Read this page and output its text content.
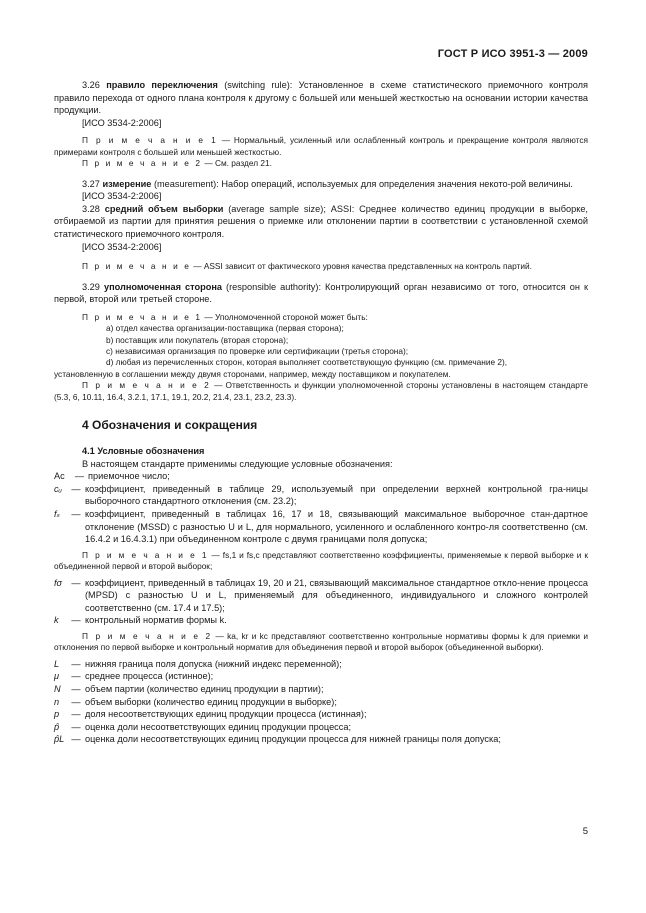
ГОСТ Р ИСО 3951-3 — 2009

3.26 правило переключения (switching rule): Установленное в схеме статистического приемочного контроля правило перехода от одного плана контроля к другому с большей или меньшей жесткостью на основании истории качества продукции.

[ИСО 3534-2:2006]

П р и м е ч а н и е 1 — Нормальный, усиленный или ослабленный контроль и прекращение контроля являются примерами контроля с большей или меньшей жесткостью.

П р и м е ч а н и е 2 — См. раздел 21.

3.27 измерение (measurement): Набор операций, используемых для определения значения некото-рой величины.

[ИСО 3534-2:2006]

3.28 средний объем выборки (average sample size); ASSI: Среднее количество единиц продукции в выборке, отбираемой из партии для принятия решения о приемке или отклонении партии в соответствии с установленной схемой статистического приемочного контроля.

[ИСО 3534-2:2006]

П р и м е ч а н и е — ASSI зависит от фактического уровня качества представленных на контроль партий.

3.29 уполномоченная сторона (responsible authority): Контролирующий орган независимо от того, относится он к первой, второй или третьей стороне.

П р и м е ч а н и е 1 — Уполномоченной стороной может быть:

а) отдел качества организации-поставщика (первая сторона);

b) поставщик или покупатель (вторая сторона);

c) независимая организация по проверке или сертификации (третья сторона);

d) любая из перечисленных сторон, которая выполняет соответствующую функцию (см. примечание 2),

установленную в соглашении между двумя сторонами, например, между поставщиком и покупателем.

П р и м е ч а н и е 2 — Ответственность и функции уполномоченной стороны установлены в настоящем стандарте (5.3, 6, 10.11, 16.4, 3.2.1, 17.1, 19.1, 20.2, 21.4, 23.1, 23.2, 23.3).

4 Обозначения и сокращения

4.1 Условные обозначения

В настоящем стандарте применимы следующие условные обозначения:

Ac	— приемочное число;
cᵤ	— коэффициент, приведенный в таблице 29, используемый при определении верхней контрольной гра-ницы выборочного стандартного отклонения (см. 23.2);
fₛ	— коэффициент, приведенный в таблицах 16, 17 и 18, связывающий максимальное выборочное стан-дартное отклонение (MSSD) с разностью U и L, для нормального, усиленного и ослабленного контро-ля соответственно (см. 16.4.2 и 16.4.3.1) при объединенном контроле с двумя границами поля допуска;

П р и м е ч а н и е 1 — fs,1 и fs,c представляют соответственно коэффициенты, применяемые к первой выборке и к объединенной первой и второй выборок;

fσ	— коэффициент, приведенный в таблицах 19, 20 и 21, связывающий максимальное стандартное откло-нение процесса (MPSD) с разностью U и L, применяемый для объединенного, индивидуального и сложного контролей соответственно (см. 17.4 и 17.5);
k	— контрольный норматив формы k.

П р и м е ч а н и е 2 — kа, kr и kc представляют соответственно контрольные нормативы формы k для приемки и отклонения по первой выборке и контрольный норматив для объединения первой и второй выборок (объединенной выборки).

L	— нижняя граница поля допуска (нижний индекс переменной);
μ	— среднее процесса (истинное);
N	— объем партии (количество единиц продукции в партии);
n	— объем выборки (количество единиц продукции в выборке);
p	— доля несоответствующих единиц продукции процесса (истинная);
p̂	— оценка доли несоответствующих единиц продукции процесса;
p̂L — оценка доли несоответствующих единиц продукции процесса для нижней границы поля допуска;
5
